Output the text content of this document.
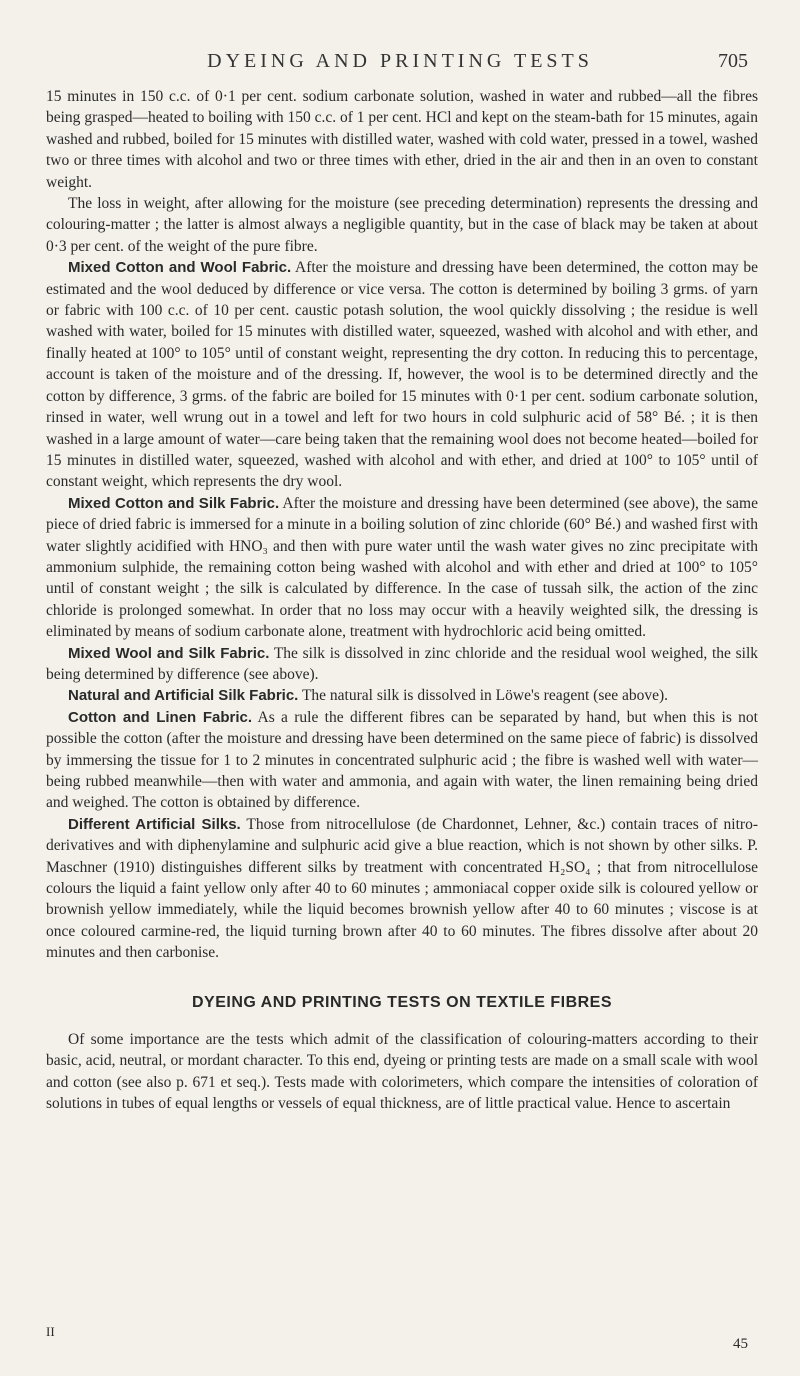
DYEING AND PRINTING TESTS	705

15 minutes in 150 c.c. of 0·1 per cent. sodium carbonate solution, washed in water and rubbed—all the fibres being grasped—heated to boiling with 150 c.c. of 1 per cent. HCl and kept on the steam-bath for 15 minutes, again washed and rubbed, boiled for 15 minutes with distilled water, washed with cold water, pressed in a towel, washed two or three times with alcohol and two or three times with ether, dried in the air and then in an oven to constant weight.

The loss in weight, after allowing for the moisture (see preceding determination) represents the dressing and colouring-matter ; the latter is almost always a negligible quantity, but in the case of black may be taken at about 0·3 per cent. of the weight of the pure fibre.

Mixed Cotton and Wool Fabric. After the moisture and dressing have been determined, the cotton may be estimated and the wool deduced by difference or vice versa. The cotton is determined by boiling 3 grms. of yarn or fabric with 100 c.c. of 10 per cent. caustic potash solution, the wool quickly dissolving ; the residue is well washed with water, boiled for 15 minutes with distilled water, squeezed, washed with alcohol and with ether, and finally heated at 100° to 105° until of constant weight, representing the dry cotton. In reducing this to percentage, account is taken of the moisture and of the dressing. If, however, the wool is to be determined directly and the cotton by difference, 3 grms. of the fabric are boiled for 15 minutes with 0·1 per cent. sodium carbonate solution, rinsed in water, well wrung out in a towel and left for two hours in cold sulphuric acid of 58° Bé. ; it is then washed in a large amount of water—care being taken that the remaining wool does not become heated—boiled for 15 minutes in distilled water, squeezed, washed with alcohol and with ether, and dried at 100° to 105° until of constant weight, which represents the dry wool.

Mixed Cotton and Silk Fabric. After the moisture and dressing have been determined (see above), the same piece of dried fabric is immersed for a minute in a boiling solution of zinc chloride (60° Bé.) and washed first with water slightly acidified with HNO₃ and then with pure water until the wash water gives no zinc precipitate with ammonium sulphide, the remaining cotton being washed with alcohol and with ether and dried at 100° to 105° until of constant weight ; the silk is calculated by difference. In the case of tussah silk, the action of the zinc chloride is prolonged somewhat. In order that no loss may occur with a heavily weighted silk, the dressing is eliminated by means of sodium carbonate alone, treatment with hydrochloric acid being omitted.

Mixed Wool and Silk Fabric. The silk is dissolved in zinc chloride and the residual wool weighed, the silk being determined by difference (see above).

Natural and Artificial Silk Fabric. The natural silk is dissolved in Löwe's reagent (see above).

Cotton and Linen Fabric. As a rule the different fibres can be separated by hand, but when this is not possible the cotton (after the moisture and dressing have been determined on the same piece of fabric) is dissolved by immersing the tissue for 1 to 2 minutes in concentrated sulphuric acid ; the fibre is washed well with water—being rubbed meanwhile—then with water and ammonia, and again with water, the linen remaining being dried and weighed. The cotton is obtained by difference.

Different Artificial Silks. Those from nitrocellulose (de Chardonnet, Lehner, &c.) contain traces of nitro-derivatives and with diphenylamine and sulphuric acid give a blue reaction, which is not shown by other silks. P. Maschner (1910) distinguishes different silks by treatment with concentrated H₂SO₄ ; that from nitrocellulose colours the liquid a faint yellow only after 40 to 60 minutes ; ammoniacal copper oxide silk is coloured yellow or brownish yellow immediately, while the liquid becomes brownish yellow after 40 to 60 minutes ; viscose is at once coloured carmine-red, the liquid turning brown after 40 to 60 minutes. The fibres dissolve after about 20 minutes and then carbonise.

DYEING AND PRINTING TESTS ON TEXTILE FIBRES

Of some importance are the tests which admit of the classification of colouring-matters according to their basic, acid, neutral, or mordant character. To this end, dyeing or printing tests are made on a small scale with wool and cotton (see also p. 671 et seq.). Tests made with colorimeters, which compare the intensities of coloration of solutions in tubes of equal lengths or vessels of equal thickness, are of little practical value. Hence to ascertain

II
45
